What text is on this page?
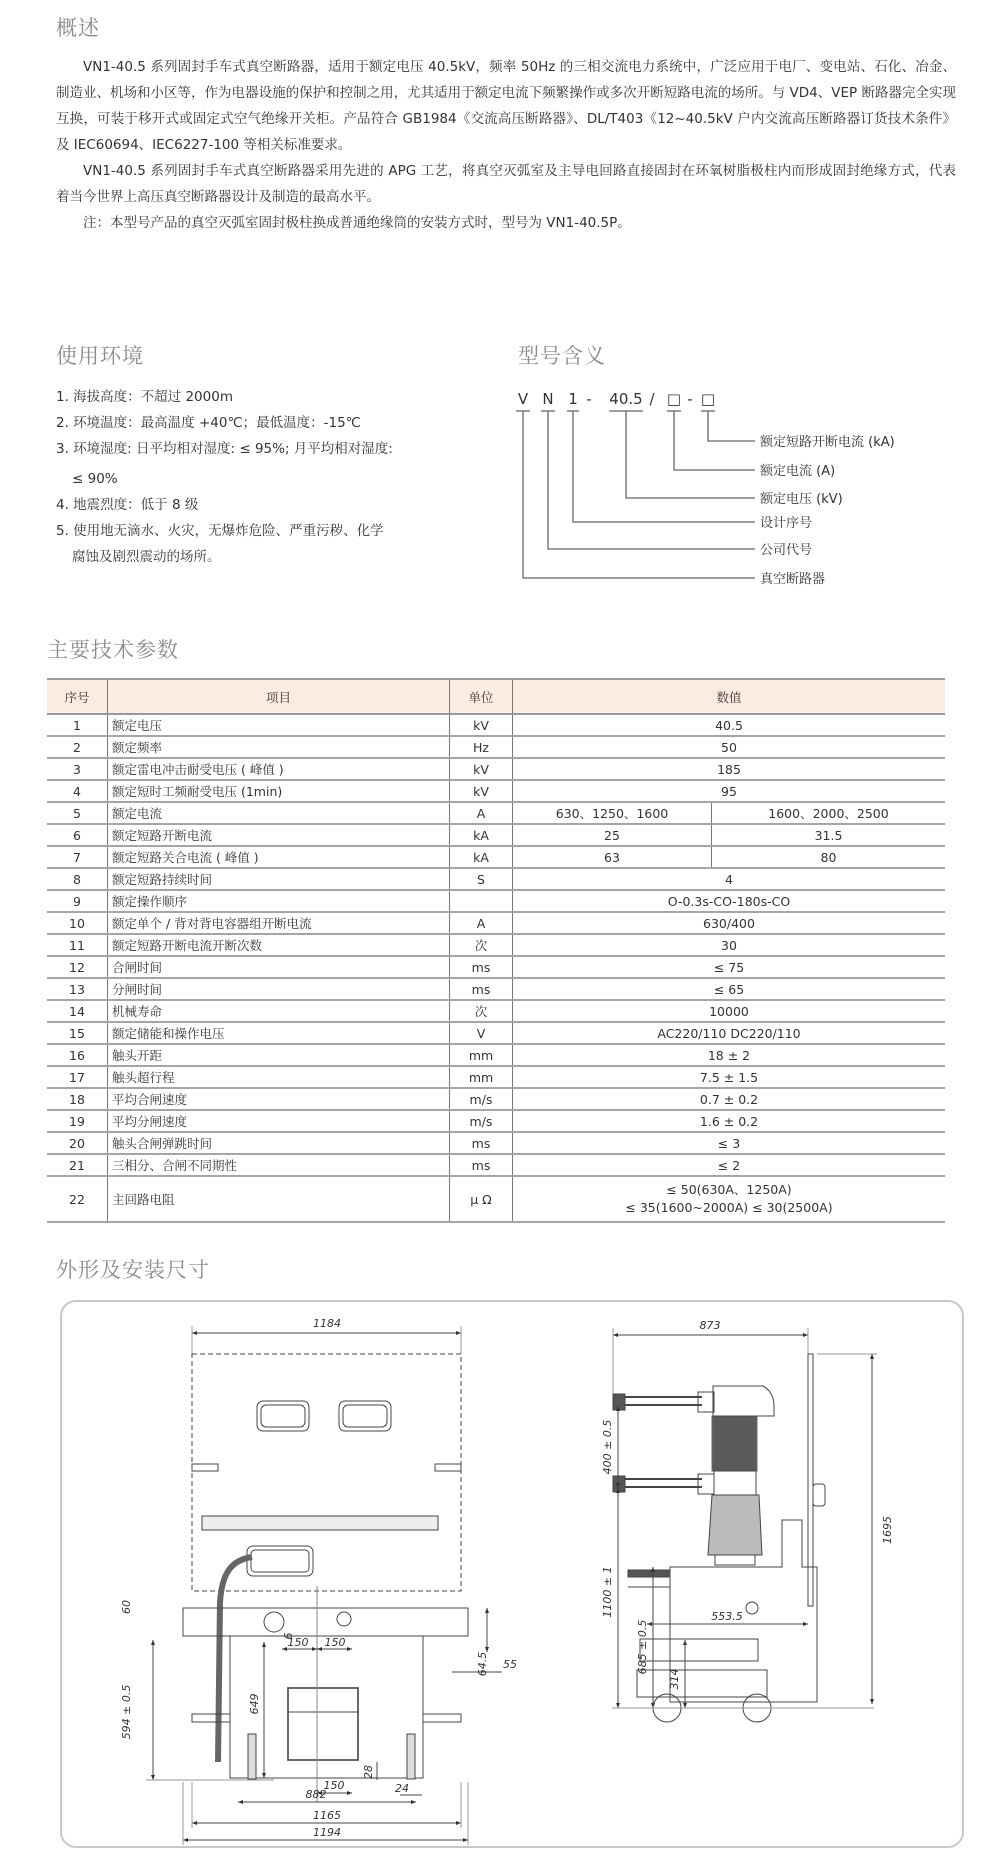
概述

VN1-40.5 系列固封手车式真空断路器，适用于额定电压 40.5kV，频率 50Hz 的三相交流电力系统中，广泛应用于电厂、变电站、石化、冶金、制造业、机场和小区等，作为电器设施的保护和控制之用，尤其适用于额定电流下频繁操作或多次开断短路电流的场所。与 VD4、VEP 断路器完全实现互换，可装于移开式或固定式空气绝缘开关柜。产品符合 GB1984《交流高压断路器》、DL/T403《12~40.5kV 户内交流高压断路器订货技术条件》及 IEC60694、IEC6227-100 等相关标准要求。

VN1-40.5 系列固封手车式真空断路器采用先进的 APG 工艺，将真空灭弧室及主导电回路直接固封在环氧树脂极柱内而形成固封绝缘方式，代表着当今世界上高压真空断路器设计及制造的最高水平。

注：本型号产品的真空灭弧室固封极柱换成普通绝缘筒的安装方式时，型号为 VN1-40.5P。

使用环境
1. 海拔高度：不超过 2000m
2. 环境温度：最高温度 +40℃；最低温度：-15℃
3. 环境湿度: 日平均相对湿度: ≤ 95%; 月平均相对湿度:
≤ 90%
4. 地震烈度：低于 8 级
5. 使用地无滴水、火灾，无爆炸危险、严重污秽、化学
腐蚀及剧烈震动的场所。
型号含义
V N 1 - 40.5 / □ - □
额定短路开断电流 (kA)
额定电流 (A)
额定电压 (kV)
设计序号
公司代号
真空断路器
主要技术参数
序号	项目	单位	数值	
1	额定电压	kV	40.5	
2	额定频率	Hz	50	
3	额定雷电冲击耐受电压 ( 峰值 )	kV	185	
4	额定短时工频耐受电压 (1min)	kV	95	
5	额定电流	A	630、1250、1600	1600、2000、2500
6	额定短路开断电流	kA	25	31.5
7	额定短路关合电流 ( 峰值 )	kA	63	80
8	额定短路持续时间	S	4	
9	额定操作顺序		O-0.3s-CO-180s-CO	
10	额定单个 / 背对背电容器组开断电流	A	630/400	
11	额定短路开断电流开断次数	次	30	
12	合闸时间	ms	≤ 75	
13	分闸时间	ms	≤ 65	
14	机械寿命	次	10000	
15	额定储能和操作电压	V	AC220/110 DC220/110	
16	触头开距	mm	18 ± 2	
17	触头超行程	mm	7.5 ± 1.5	
18	平均合闸速度	m/s	0.7 ± 0.2	
19	平均分闸速度	m/s	1.6 ± 0.2	
20	触头合闸弹跳时间	ms	≤ 3	
21	三相分、合闸不同期性	ms	≤ 2	
22	主回路电阻	μ Ω	≤ 50(630A、1250A)
≤ 35(1600~2000A) ≤ 30(2500A)	
外形及安装尺寸
1184
60
150 150
6
64.5 55
594 ± 0.5	649
28
150	24
882
1165
1194
873
400 ± 0.5
1695
1100 ± 1	553.5
685 ± 0.5
314
